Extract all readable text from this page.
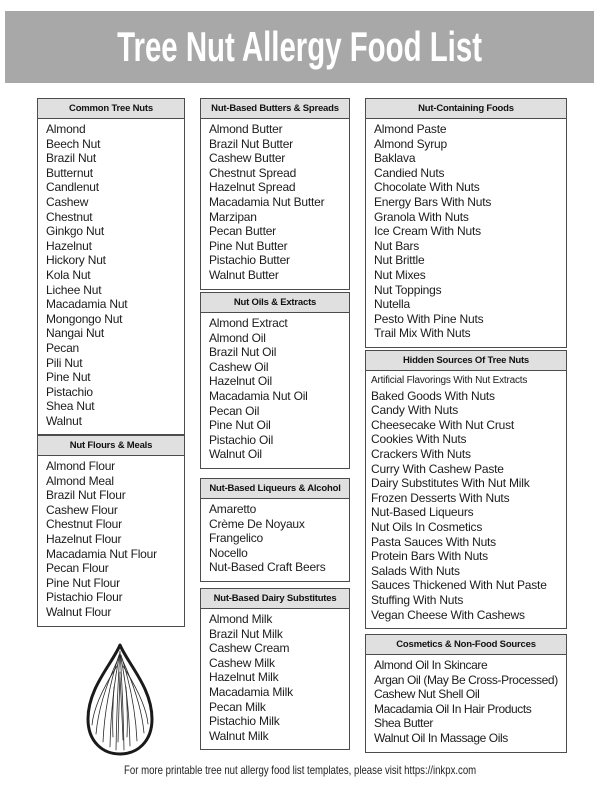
Tree Nut Allergy Food List
Common Tree Nuts
Almond
Beech Nut
Brazil Nut
Butternut
Candlenut
Cashew
Chestnut
Ginkgo Nut
Hazelnut
Hickory Nut
Kola Nut
Lichee Nut
Macadamia Nut
Mongongo Nut
Nangai Nut
Pecan
Pili Nut
Pine Nut
Pistachio
Shea Nut
Walnut
Nut Flours & Meals
Almond Flour
Almond Meal
Brazil Nut Flour
Cashew Flour
Chestnut Flour
Hazelnut Flour
Macadamia Nut Flour
Pecan Flour
Pine Nut Flour
Pistachio Flour
Walnut Flour
Nut-Based Butters & Spreads
Almond Butter
Brazil Nut Butter
Cashew Butter
Chestnut Spread
Hazelnut Spread
Macadamia Nut Butter
Marzipan
Pecan Butter
Pine Nut Butter
Pistachio Butter
Walnut Butter
Nut Oils & Extracts
Almond Extract
Almond Oil
Brazil Nut Oil
Cashew Oil
Hazelnut Oil
Macadamia Nut Oil
Pecan Oil
Pine Nut Oil
Pistachio Oil
Walnut Oil
Nut-Based Liqueurs & Alcohol
Amaretto
Crème De Noyaux
Frangelico
Nocello
Nut-Based Craft Beers
Nut-Based Dairy Substitutes
Almond Milk
Brazil Nut Milk
Cashew Cream
Cashew Milk
Hazelnut Milk
Macadamia Milk
Pecan Milk
Pistachio Milk
Walnut Milk
Nut-Containing Foods
Almond Paste
Almond Syrup
Baklava
Candied Nuts
Chocolate With Nuts
Energy Bars With Nuts
Granola With Nuts
Ice Cream With Nuts
Nut Bars
Nut Brittle
Nut Mixes
Nut Toppings
Nutella
Pesto With Pine Nuts
Trail Mix With Nuts
Hidden Sources Of Tree Nuts
Artificial Flavorings With Nut Extracts
Baked Goods With Nuts
Candy With Nuts
Cheesecake With Nut Crust
Cookies With Nuts
Crackers With Nuts
Curry With Cashew Paste
Dairy Substitutes With Nut Milk
Frozen Desserts With Nuts
Nut-Based Liqueurs
Nut Oils In Cosmetics
Pasta Sauces With Nuts
Protein Bars With Nuts
Salads With Nuts
Sauces Thickened With Nut Paste
Stuffing With Nuts
Vegan Cheese With Cashews
Cosmetics & Non-Food Sources
Almond Oil In Skincare
Argan Oil (May Be Cross-Processed)
Cashew Nut Shell Oil
Macadamia Oil In Hair Products
Shea Butter
Walnut Oil In Massage Oils
For more printable tree nut allergy food list templates, please visit https://inkpx.com
